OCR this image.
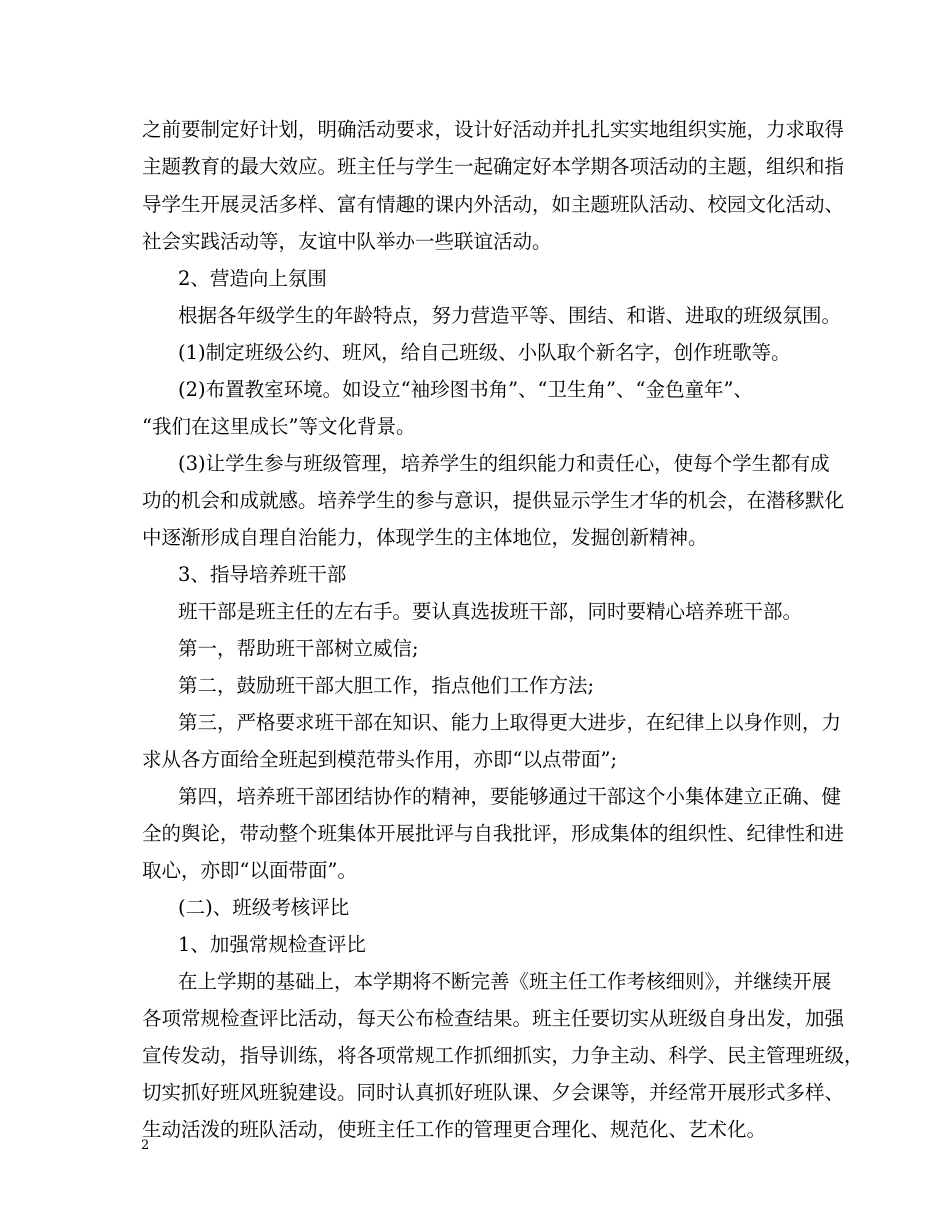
之前要制定好计划，明确活动要求，设计好活动并扎扎实实地组织实施，力求取得
主题教育的最大效应。班主任与学生一起确定好本学期各项活动的主题，组织和指
导学生开展灵活多样、富有情趣的课内外活动，如主题班队活动、校园文化活动、
社会实践活动等，友谊中队举办一些联谊活动。
2、营造向上氛围
根据各年级学生的年龄特点，努力营造平等、围结、和谐、进取的班级氛围。
(1)制定班级公约、班风，给自己班级、小队取个新名字，创作班歌等。
(2)布置教室环境。如设立“袖珍图书角”、“卫生角”、“金色童年”、
“我们在这里成长”等文化背景。
(3)让学生参与班级管理，培养学生的组织能力和责任心，使每个学生都有成
功的机会和成就感。培养学生的参与意识，提供显示学生才华的机会，在潜移默化
中逐渐形成自理自治能力，体现学生的主体地位，发掘创新精神。
3、指导培养班干部
班干部是班主任的左右手。要认真选拔班干部，同时要精心培养班干部。
第一，帮助班干部树立威信;
第二，鼓励班干部大胆工作，指点他们工作方法;
第三，严格要求班干部在知识、能力上取得更大进步，在纪律上以身作则，力
求从各方面给全班起到模范带头作用，亦即“以点带面”;
第四，培养班干部团结协作的精神，要能够通过干部这个小集体建立正确、健
全的舆论，带动整个班集体开展批评与自我批评，形成集体的组织性、纪律性和进
取心，亦即“以面带面”。
(二)、班级考核评比
1、加强常规检查评比
在上学期的基础上，本学期将不断完善《班主任工作考核细则》，并继续开展
各项常规检查评比活动，每天公布检查结果。班主任要切实从班级自身出发，加强
宣传发动，指导训练，将各项常规工作抓细抓实，力争主动、科学、民主管理班级，
切实抓好班风班貌建设。同时认真抓好班队课、夕会课等，并经常开展形式多样、
生动活泼的班队活动，使班主任工作的管理更合理化、规范化、艺术化。
2
